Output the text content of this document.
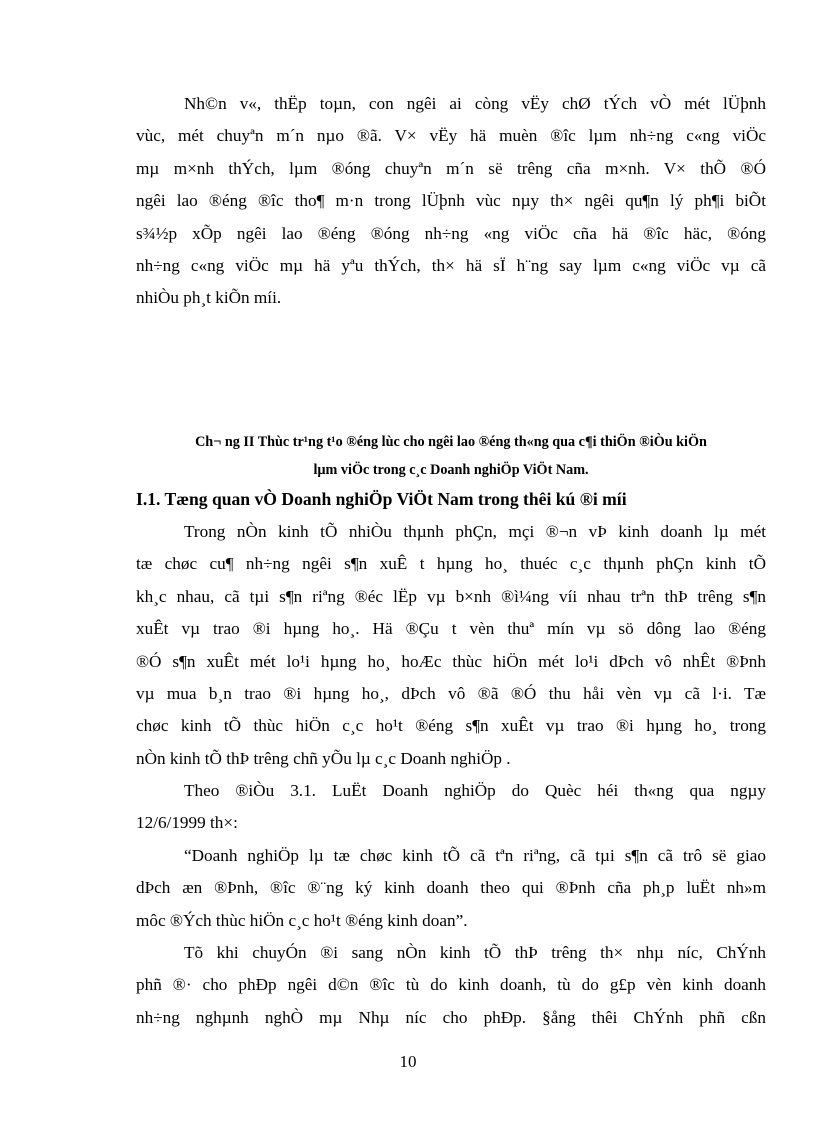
Nh©n v«, thËp toµn, con ngêi ai còng vËy chØ tÝch vÒ mét lÜþnh
vùc, mét chuyªn m´n nµo ®ã. V× vËy hä muèn ®îc lµm nh÷ng c«ng viÖc
mµ m×nh thÝch, lµm ®óng chuyªn m´n së trêng cña m×nh. V× thÕ ®Ó
ngêi lao ®éng ®îc tho¶ m·n trong lÜþnh vùc nµy th× ngêi qu¶n lý ph¶i biÕt
s¾½p xÕp ngêi lao ®éng ®óng nh÷ng «ng viÖc cña hä ®îc häc, ®óng
nh÷ng c«ng viÖc mµ hä yªu thÝch, th× hä sÏ h¨ng say lµm c«ng viÖc vµ cã
nhiÒu ph¸t kiÕn míi.
Ch¬ ng II Thùc tr¹ng t¹o ®éng lùc cho ngêi lao ®éng th«ng qua c¶i thiÖn ®iÒu kiÖn
lµm viÖc trong c¸c Doanh nghiÖp ViÖt Nam.
I.1. Tæng quan vÒ Doanh nghiÖp ViÖt Nam trong thêi kú ®i míi
Trong nÒn kinh tÕ nhiÒu thµnh phÇn, mçi ®¬n vÞ kinh doanh lµ mét
tæ chøc cu¶ nh÷ng ngêi s¶n xuÊ t hµng ho¸ thuéc c¸c thµnh phÇn kinh tÕ
kh¸c nhau, cã tµi s¶n riªng ®éc lËp vµ b×nh ®ì¼ng víi nhau trªn thÞ trêng s¶n
xuÊt vµ trao ®i hµng ho¸. Hä ®Çu t vèn thuª mín vµ sö dông lao ®éng
®Ó s¶n xuÊt mét lo¹i hµng ho¸ hoÆc thùc hiÖn mét lo¹i dÞch vô nhÊt ®Þnh
vµ mua b¸n trao ®i hµng ho¸, dÞch vô ®ã ®Ó thu håi vèn vµ cã l·i. Tæ
chøc kinh tÕ thùc hiÖn c¸c ho¹t ®éng s¶n xuÊt vµ trao ®i hµng ho¸ trong
nÒn kinh tÕ thÞ trêng chñ yÕu lµ c¸c Doanh nghiÖp .
Theo ®iÒu 3.1. LuËt Doanh nghiÖp do Quèc héi th«ng qua ngµy
12/6/1999 th×:
“Doanh nghiÖp lµ tæ chøc kinh tÕ cã tªn riªng, cã tµi s¶n cã trô së giao
dÞch æn ®Þnh, ®îc ®¨ng ký kinh doanh theo qui ®Þnh cña ph¸p luËt nh»m
môc ®Ých thùc hiÖn c¸c ho¹t ®éng kinh doan”.
Tõ khi chuyÓn ®i sang nÒn kinh tÕ thÞ trêng th× nhµ níc, ChÝnh
phñ ®· cho phÐp ngêi d©n ®îc tù do kinh doanh, tù do g£p vèn kinh doanh
nh÷ng nghµnh nghÒ mµ Nhµ níc cho phÐp. §ång thêi ChÝnh phñ cßn
10
